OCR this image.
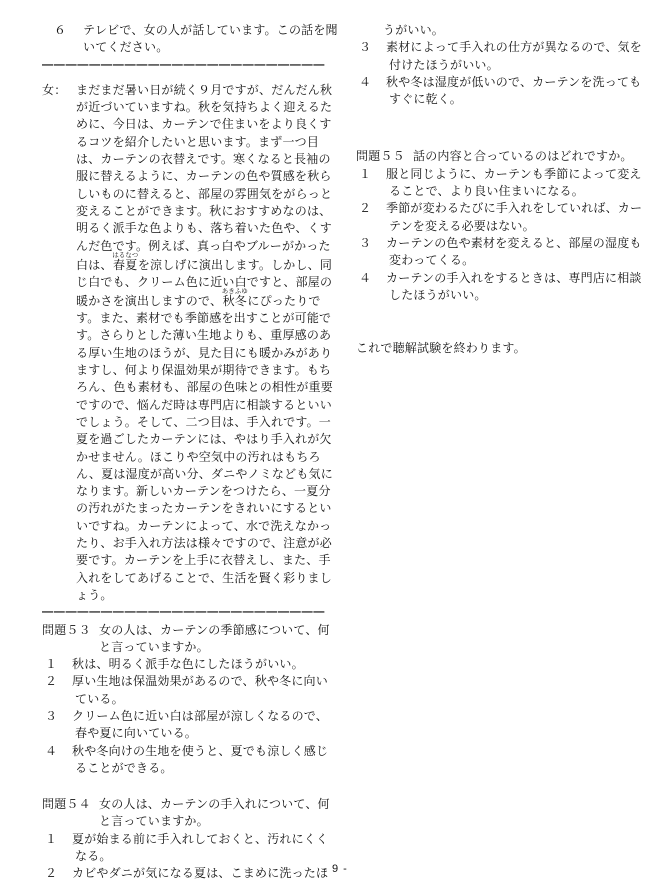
６ テレビで、女の人が話しています。この話を聞いてください。
————————————————————————
女： まだまだ暑い日が続く９月ですが、だんだん秋が近づいていますね。秋を気持ちよく迎えるために、今日は、カーテンで住まいをより良くするコツを紹介したいと思います。まず一つ目は、カーテンの衣替えです。寒くなると長袖の服に替えるように、カーテンの色や質感を秋らしいものに替えると、部屋の雰囲気をがらっと変えることができます。秋におすすめなのは、明るく派手な色よりも、落ち着いた色や、くすんだ色です。例えば、真っ白やブルーがかった白は、春夏はるなつを涼しげに演出します。しかし、同じ白でも、クリーム色に近い白ですと、部屋の暖かさを演出しますので、秋冬あきふゆにぴったりです。また、素材でも季節感を出すことが可能です。さらりとした薄い生地よりも、重厚感のある厚い生地のほうが、見た目にも暖かみがありますし、何より保温効果が期待できます。もちろん、色も素材も、部屋の色味との相性が重要ですので、悩んだ時は専門店に相談するといいでしょう。そして、二つ目は、手入れです。一夏を過ごしたカーテンには、やはり手入れが欠かせません。ほこりや空気中の汚れはもちろん、夏は湿度が高い分、ダニやノミなども気になります。新しいカーテンをつけたら、一夏分の汚れがたまったカーテンをきれいにするといいですね。カーテンによって、水で洗えなかったり、お手入れ方法は様々ですので、注意が必要です。カーテンを上手に衣替えし、また、手入れをしてあげることで、生活を賢く彩りましょう。
————————————————————————
問題５３ 女の人は、カーテンの季節感について、何と言っていますか。
１ 秋は、明るく派手な色にしたほうがいい。
２ 厚い生地は保温効果があるので、秋や冬に向いている。
３ クリーム色に近い白は部屋が涼しくなるので、春や夏に向いている。
４ 秋や冬向けの生地を使うと、夏でも涼しく感じることができる。
問題５４ 女の人は、カーテンの手入れについて、何と言っていますか。
１ 夏が始まる前に手入れしておくと、汚れにくくなる。
２ カビやダニが気になる夏は、こまめに洗ったほ
うがいい。
３ 素材によって手入れの仕方が異なるので、気を付けたほうがいい。
４ 秋や冬は湿度が低いので、カーテンを洗ってもすぐに乾く。
問題５５ 話の内容と合っているのはどれですか。
１ 服と同じように、カーテンも季節によって変えることで、より良い住まいになる。
２ 季節が変わるたびに手入れをしていれば、カーテンを変える必要はない。
３ カーテンの色や素材を変えると、部屋の湿度も変わってくる。
４ カーテンの手入れをするときは、専門店に相談したほうがいい。
これで聴解試験を終わります。
- 9 -
